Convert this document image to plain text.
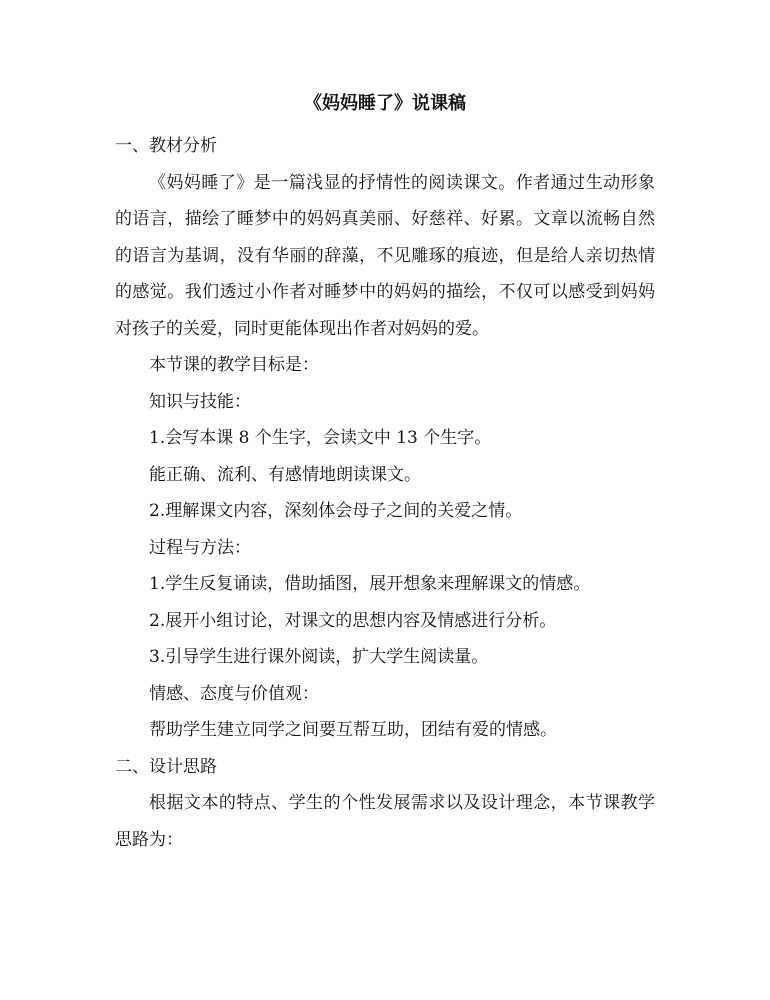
《妈妈睡了》说课稿

一、教材分析

《妈妈睡了》是一篇浅显的抒情性的阅读课文。作者通过生动形象的语言，描绘了睡梦中的妈妈真美丽、好慈祥、好累。文章以流畅自然的语言为基调，没有华丽的辞藻，不见雕琢的痕迹，但是给人亲切热情的感觉。我们透过小作者对睡梦中的妈妈的描绘，不仅可以感受到妈妈对孩子的关爱，同时更能体现出作者对妈妈的爱。

本节课的教学目标是：

知识与技能：

1.会写本课 8 个生字，会读文中 13 个生字。

能正确、流利、有感情地朗读课文。

2.理解课文内容，深刻体会母子之间的关爱之情。

过程与方法：

1.学生反复诵读，借助插图，展开想象来理解课文的情感。

2.展开小组讨论，对课文的思想内容及情感进行分析。

3.引导学生进行课外阅读，扩大学生阅读量。

情感、态度与价值观：

帮助学生建立同学之间要互帮互助，团结有爱的情感。

二、设计思路

根据文本的特点、学生的个性发展需求以及设计理念，本节课教学思路为：
